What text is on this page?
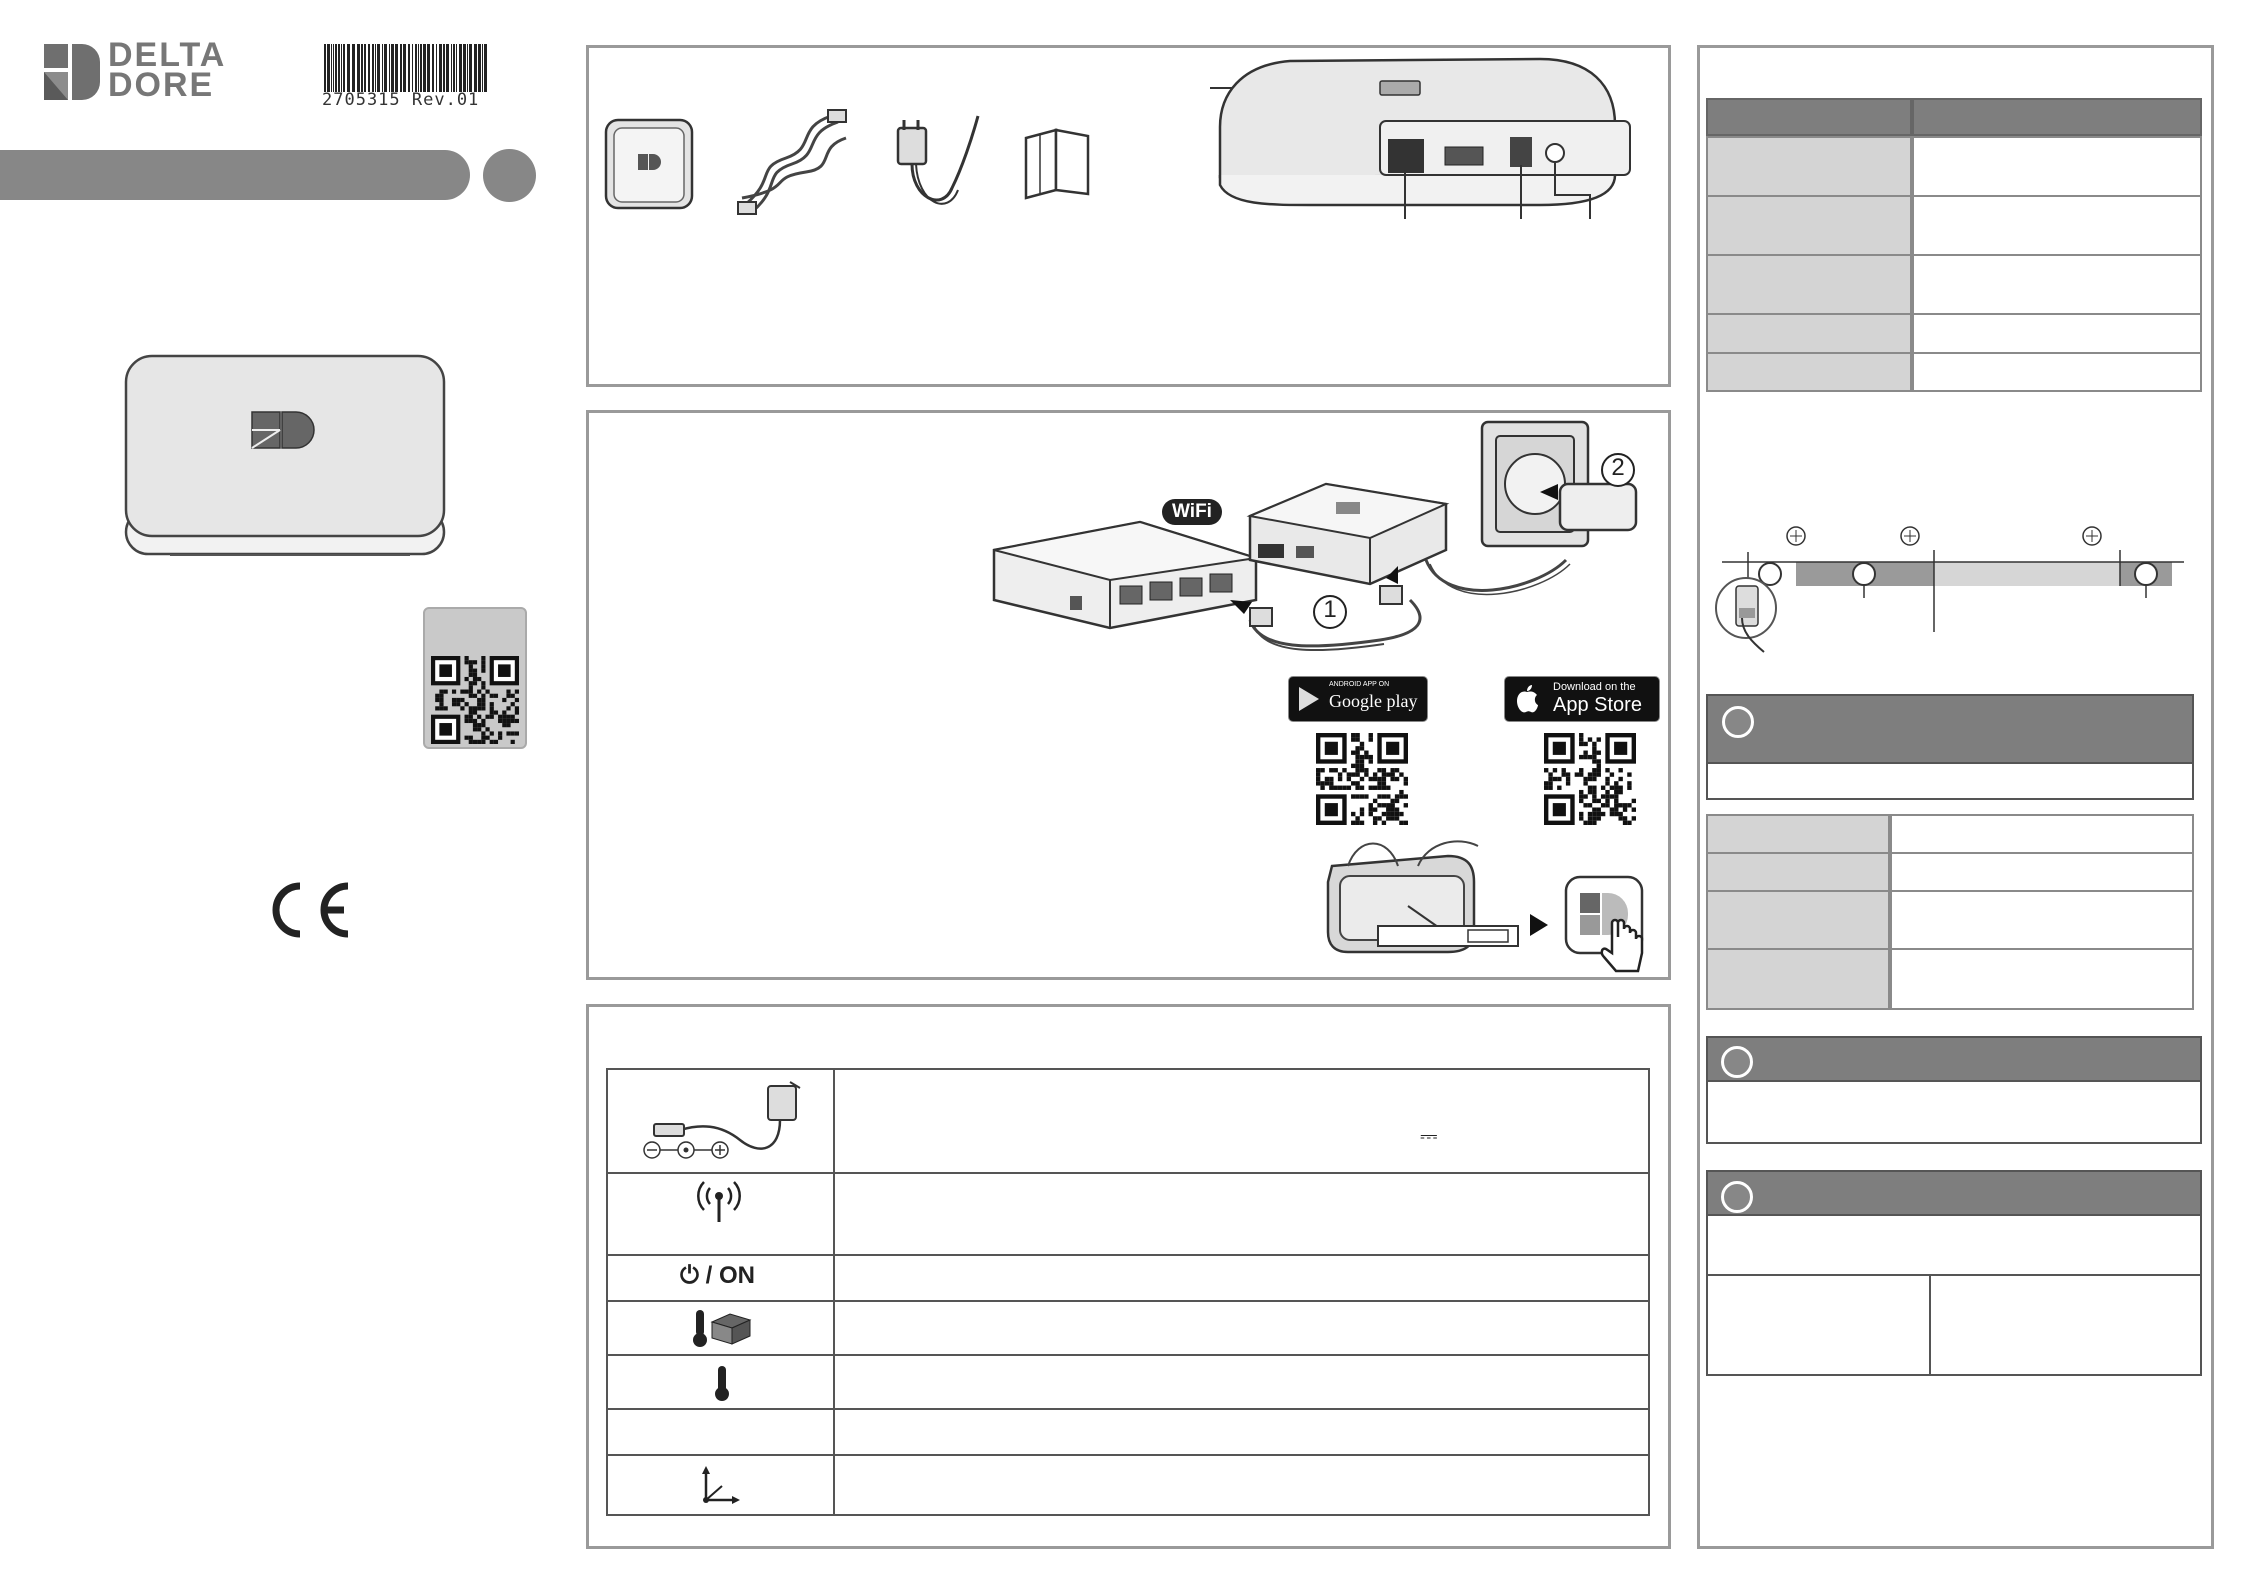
DELTA
DORE	2705315 Rev.01
WiFi
1
2
ANDROID APP ON
Google play
Download on the
App Store
⎓
⏻ / ON
